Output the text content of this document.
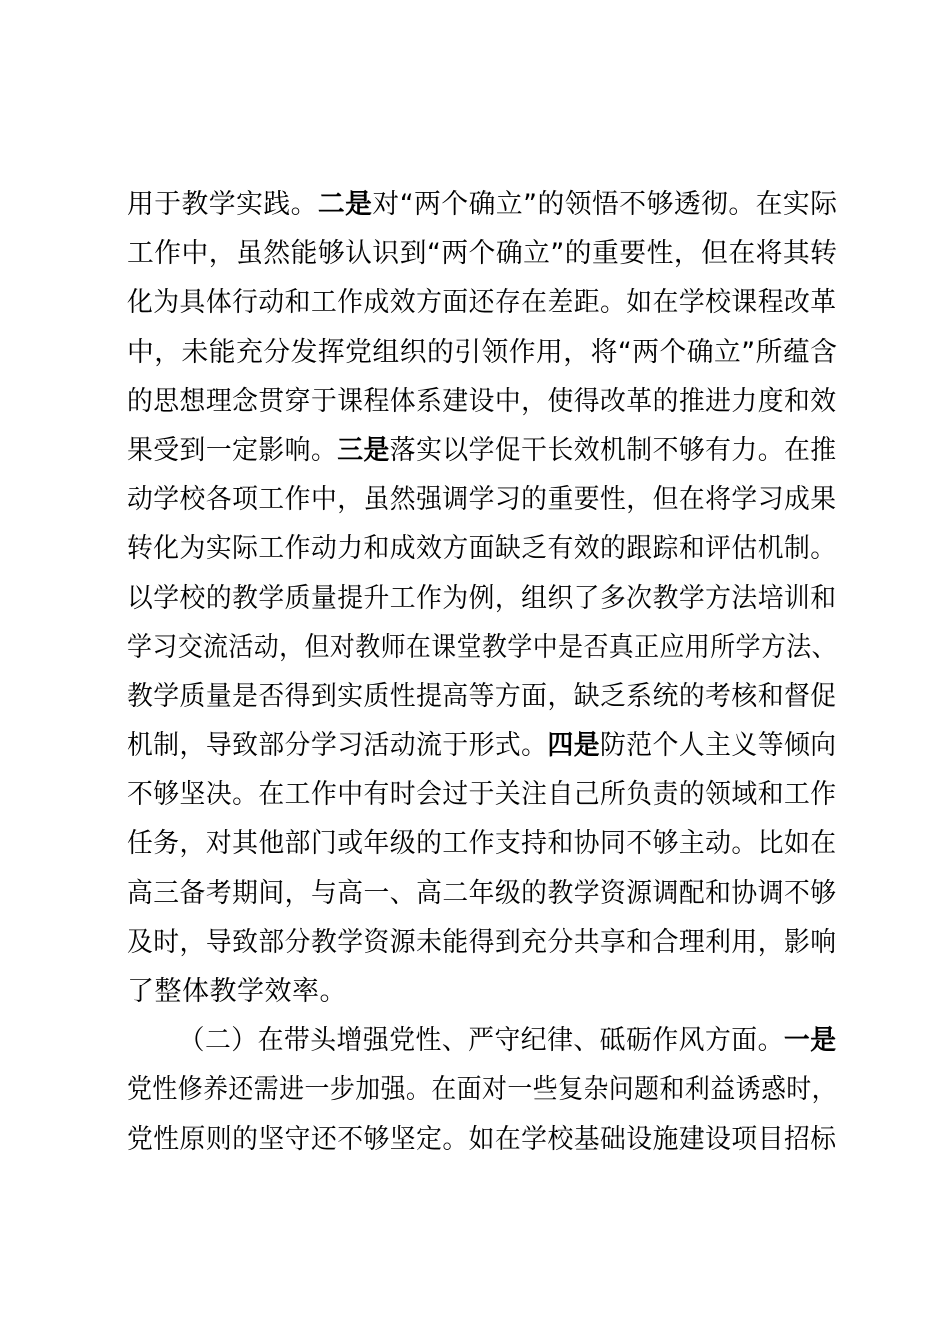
用于教学实践。二是对“两个确立”的领悟不够透彻。在实际
工作中，虽然能够认识到“两个确立”的重要性，但在将其转
化为具体行动和工作成效方面还存在差距。如在学校课程改革
中，未能充分发挥党组织的引领作用，将“两个确立”所蕴含
的思想理念贯穿于课程体系建设中，使得改革的推进力度和效
果受到一定影响。三是落实以学促干长效机制不够有力。在推
动学校各项工作中，虽然强调学习的重要性，但在将学习成果
转化为实际工作动力和成效方面缺乏有效的跟踪和评估机制。
以学校的教学质量提升工作为例，组织了多次教学方法培训和
学习交流活动，但对教师在课堂教学中是否真正应用所学方法、
教学质量是否得到实质性提高等方面，缺乏系统的考核和督促
机制，导致部分学习活动流于形式。四是防范个人主义等倾向
不够坚决。在工作中有时会过于关注自己所负责的领域和工作
任务，对其他部门或年级的工作支持和协同不够主动。比如在
高三备考期间，与高一、高二年级的教学资源调配和协调不够
及时，导致部分教学资源未能得到充分共享和合理利用，影响
了整体教学效率。
（二）在带头增强党性、严守纪律、砥砺作风方面。一是
党性修养还需进一步加强。在面对一些复杂问题和利益诱惑时，
党性原则的坚守还不够坚定。如在学校基础设施建设项目招标
